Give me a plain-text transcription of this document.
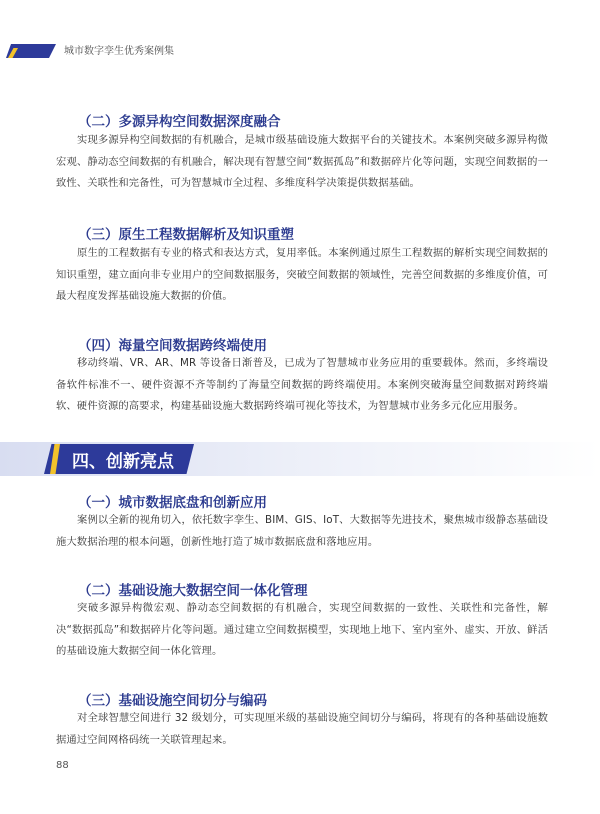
城市数字孪生优秀案例集
（二）多源异构空间数据深度融合
实现多源异构空间数据的有机融合，是城市级基础设施大数据平台的关键技术。本案例突破多源异构微宏观、静动态空间数据的有机融合，解决现有智慧空间“数据孤岛”和数据碎片化等问题，实现空间数据的一致性、关联性和完备性，可为智慧城市全过程、多维度科学决策提供数据基础。
（三）原生工程数据解析及知识重塑
原生的工程数据有专业的格式和表达方式，复用率低。本案例通过原生工程数据的解析实现空间数据的知识重塑，建立面向非专业用户的空间数据服务，突破空间数据的领域性，完善空间数据的多维度价值，可最大程度发挥基础设施大数据的价值。
（四）海量空间数据跨终端使用
移动终端、VR、AR、MR 等设备日渐普及，已成为了智慧城市业务应用的重要载体。然而，多终端设备软件标准不一、硬件资源不齐等制约了海量空间数据的跨终端使用。本案例突破海量空间数据对跨终端软、硬件资源的高要求，构建基础设施大数据跨终端可视化等技术，为智慧城市业务多元化应用服务。
四、创新亮点
（一）城市数据底盘和创新应用
案例以全新的视角切入，依托数字孪生、BIM、GIS、IoT、大数据等先进技术，聚焦城市级静态基础设施大数据治理的根本问题，创新性地打造了城市数据底盘和落地应用。
（二）基础设施大数据空间一体化管理
突破多源异构微宏观、静动态空间数据的有机融合，实现空间数据的一致性、关联性和完备性，解决“数据孤岛”和数据碎片化等问题。通过建立空间数据模型，实现地上地下、室内室外、虚实、开放、鲜活的基础设施大数据空间一体化管理。
（三）基础设施空间切分与编码
对全球智慧空间进行 32 级划分，可实现厘米级的基础设施空间切分与编码，将现有的各种基础设施数据通过空间网格码统一关联管理起来。
88
